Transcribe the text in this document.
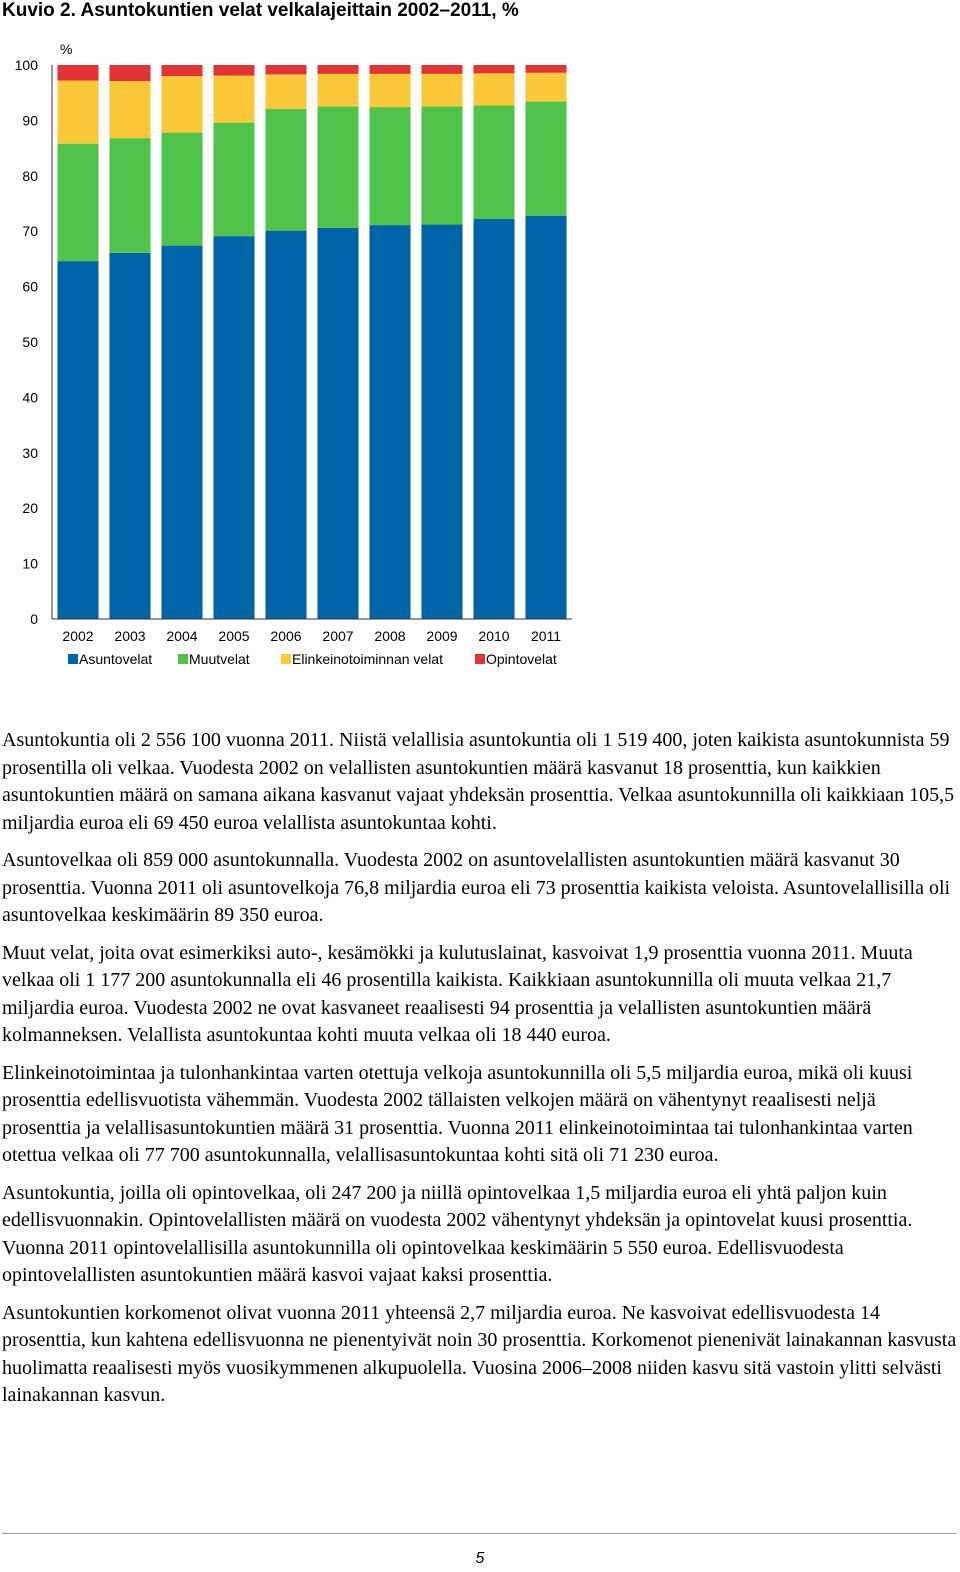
Kuvio 2. Asuntokuntien velat velkalajeittain 2002–2011, %
%
0
10
20
30
40
50
60
70
80
90
100
2002 2003 2004 2005 2006 2007 2008 2009 2010 2011
Asuntovelat	Muutvelat	Elinkeinotoiminnan velat	Opintovelat

Asuntokuntia oli 2 556 100 vuonna 2011. Niistä velallisia asuntokuntia oli 1 519 400, joten kaikista asuntokunnista 59 prosentilla oli velkaa. Vuodesta 2002 on velallisten asuntokuntien määrä kasvanut 18 prosenttia, kun kaikkien asuntokuntien määrä on samana aikana kasvanut vajaat yhdeksän prosenttia. Velkaa asuntokunnilla oli kaikkiaan 105,5 miljardia euroa eli 69 450 euroa velallista asuntokuntaa kohti.

Asuntovelkaa oli 859 000 asuntokunnalla. Vuodesta 2002 on asuntovelallisten asuntokuntien määrä kasvanut 30 prosenttia. Vuonna 2011 oli asuntovelkoja 76,8 miljardia euroa eli 73 prosenttia kaikista veloista. Asuntovelallisilla oli asuntovelkaa keskimäärin 89 350 euroa.

Muut velat, joita ovat esimerkiksi auto-, kesämökki ja kulutuslainat, kasvoivat 1,9 prosenttia vuonna 2011. Muuta velkaa oli 1 177 200 asuntokunnalla eli 46 prosentilla kaikista. Kaikkiaan asuntokunnilla oli muuta velkaa 21,7 miljardia euroa. Vuodesta 2002 ne ovat kasvaneet reaalisesti 94 prosenttia ja velallisten asuntokuntien määrä kolmanneksen. Velallista asuntokuntaa kohti muuta velkaa oli 18 440 euroa.

Elinkeinotoimintaa ja tulonhankintaa varten otettuja velkoja asuntokunnilla oli 5,5 miljardia euroa, mikä oli kuusi prosenttia edellisvuotista vähemmän. Vuodesta 2002 tällaisten velkojen määrä on vähentynyt reaalisesti neljä prosenttia ja velallisasuntokuntien määrä 31 prosenttia. Vuonna 2011 elinkeinotoimintaa tai tulonhankintaa varten otettua velkaa oli 77 700 asuntokunnalla, velallisasuntokuntaa kohti sitä oli 71 230 euroa.

Asuntokuntia, joilla oli opintovelkaa, oli 247 200 ja niillä opintovelkaa 1,5 miljardia euroa eli yhtä paljon kuin edellisvuonnakin. Opintovelallisten määrä on vuodesta 2002 vähentynyt yhdeksän ja opintovelat kuusi prosenttia. Vuonna 2011 opintovelallisilla asuntokunnilla oli opintovelkaa keskimäärin 5 550 euroa. Edellisvuodesta opintovelallisten asuntokuntien määrä kasvoi vajaat kaksi prosenttia.

Asuntokuntien korkomenot olivat vuonna 2011 yhteensä 2,7 miljardia euroa. Ne kasvoivat edellisvuodesta 14 prosenttia, kun kahtena edellisvuonna ne pienentyivät noin 30 prosenttia. Korkomenot pienenivät lainakannan kasvusta huolimatta reaalisesti myös vuosikymmenen alkupuolella. Vuosina 2006–2008 niiden kasvu sitä vastoin ylitti selvästi lainakannan kasvun.

5
